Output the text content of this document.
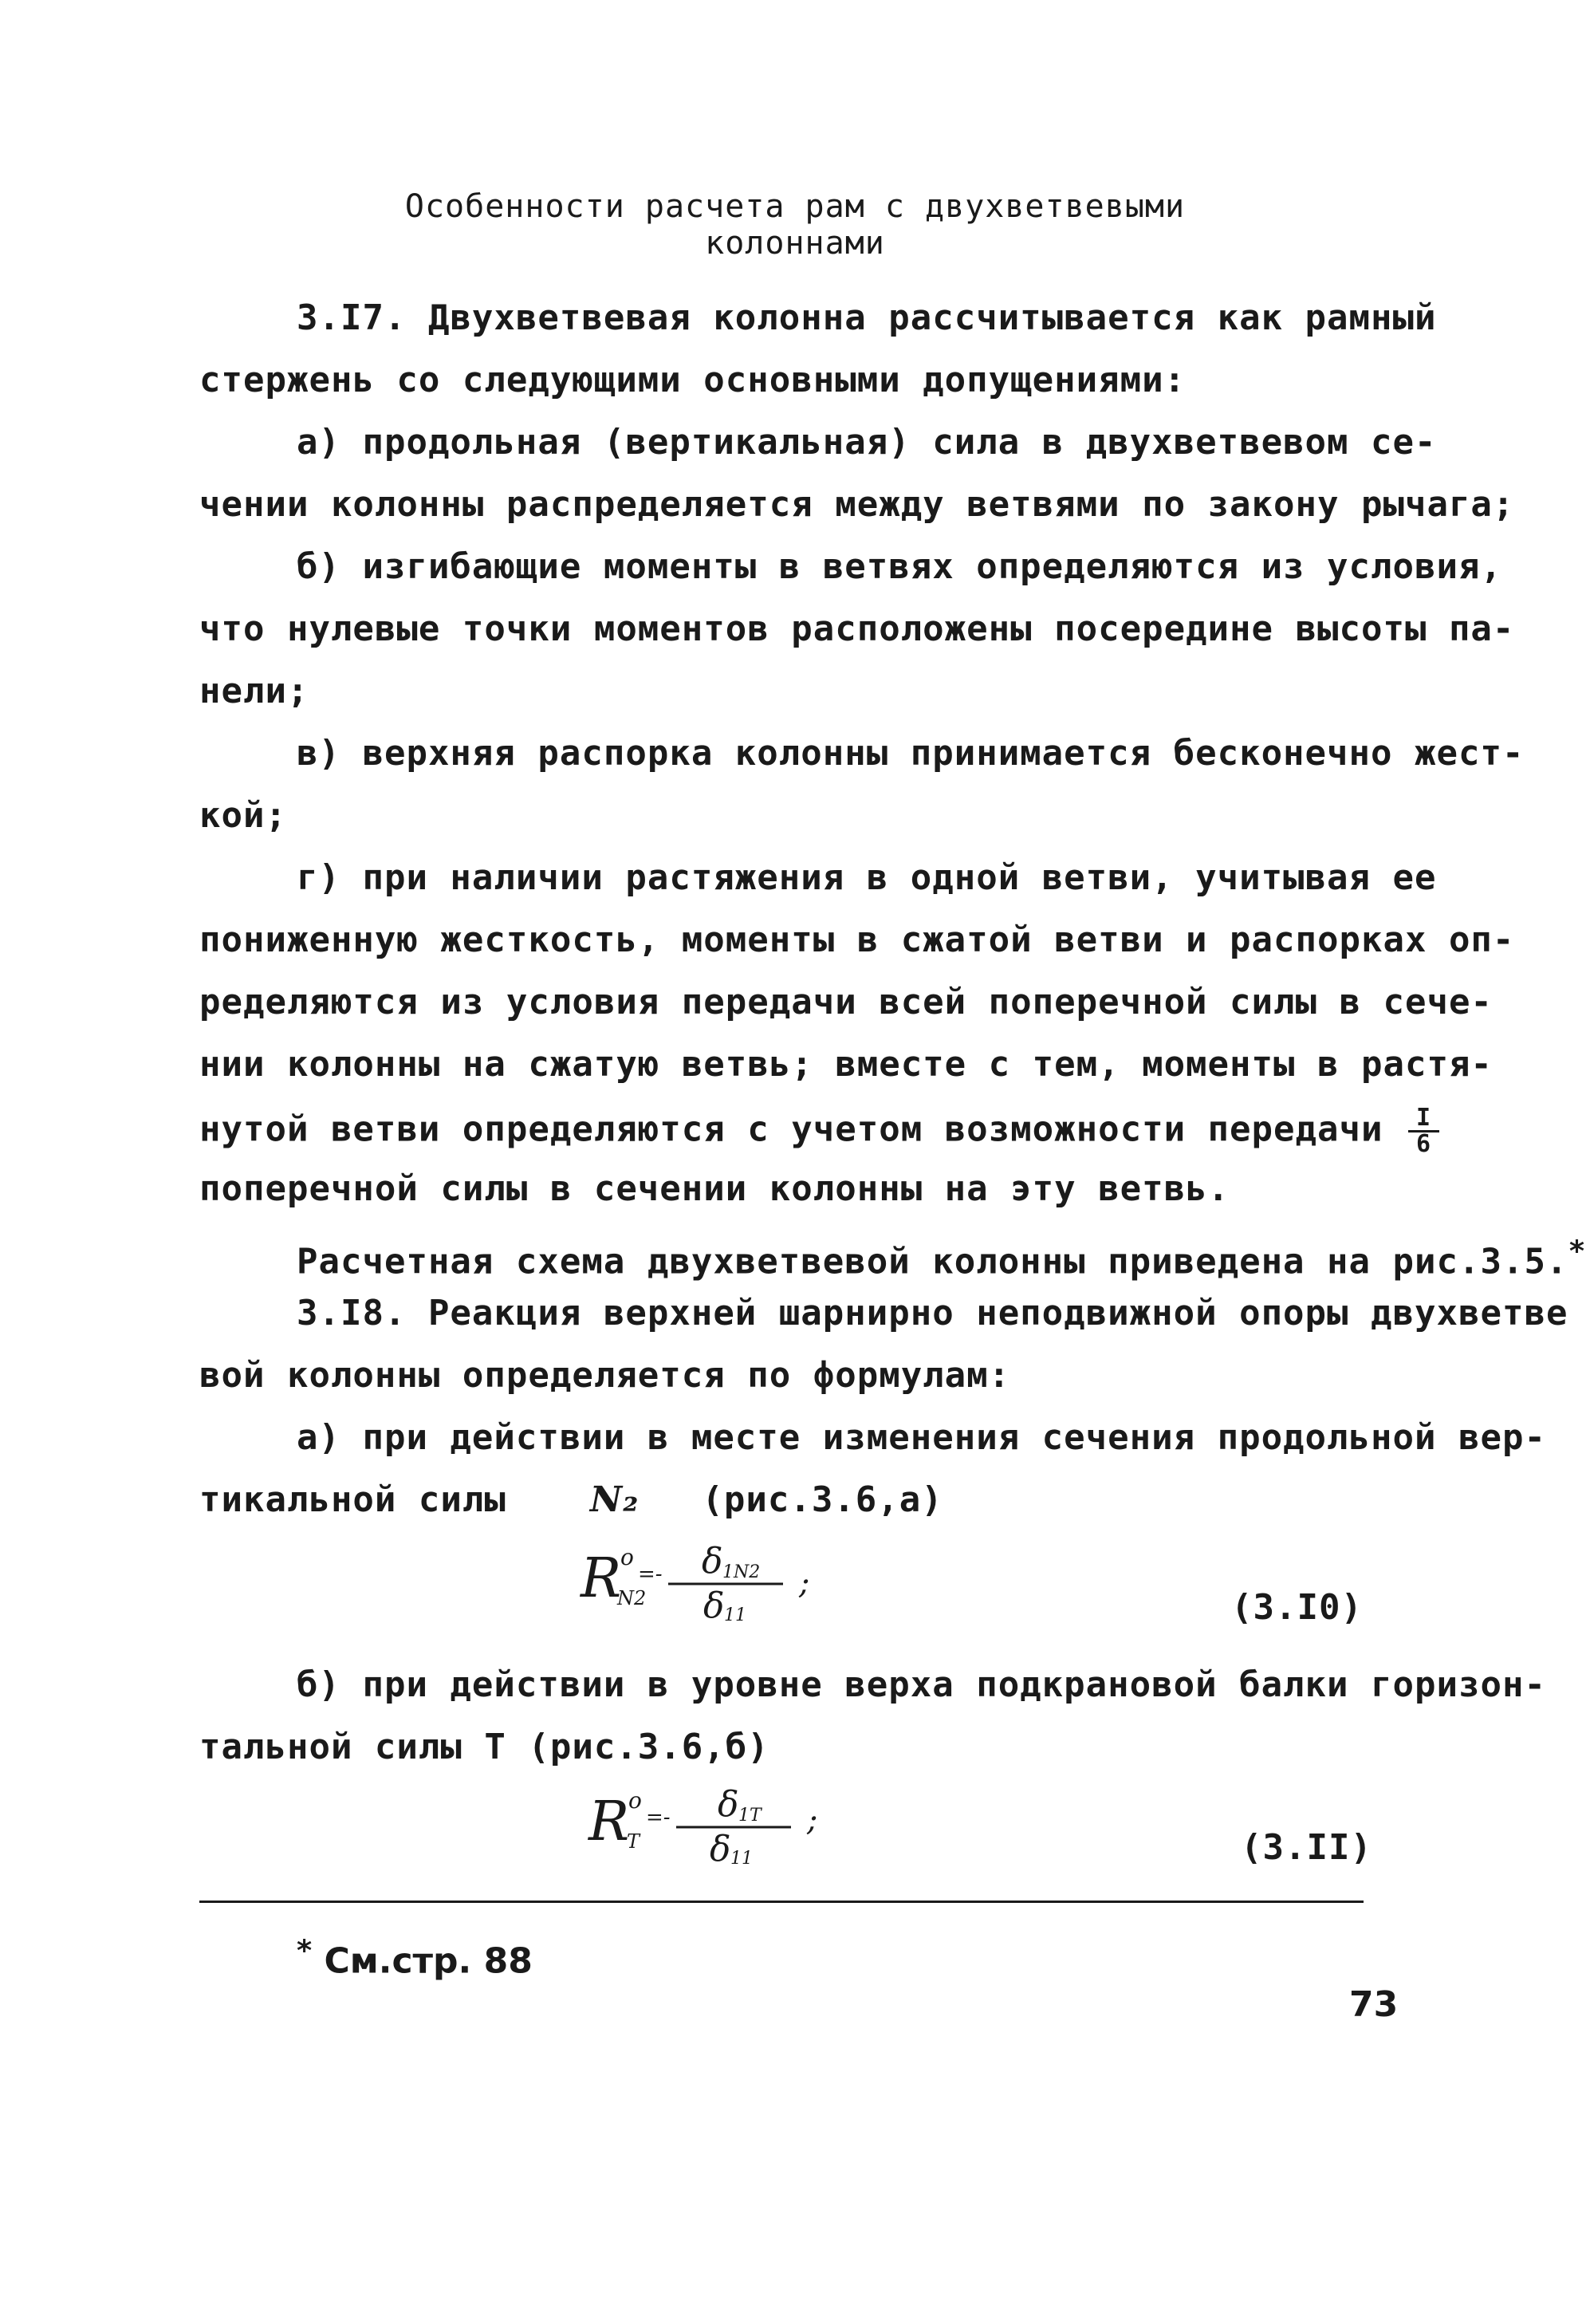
Особенности расчета рам с двухветвевыми
колоннами
3.I7. Двухветвевая колонна рассчитывается как рамный
стержень со следующими основными допущениями:
а) продольная (вертикальная) сила в двухветвевом се-
чении колонны распределяется между ветвями по закону рычага;
б) изгибающие моменты в ветвях определяются из условия,
что нулевые точки моментов расположены посередине высоты па-
нели;
в) верхняя распорка колонны принимается бесконечно жест-
кой;
г) при наличии растяжения в одной ветви, учитывая ее
пониженную жесткость, моменты в сжатой ветви и распорках оп-
ределяются из условия передачи всей поперечной силы в сече-
нии колонны на сжатую ветвь; вместе с тем, моменты в растя-
нутой ветви определяются с учетом возможности передачи $\frac{I}{6}$
поперечной силы в сечении колонны на эту ветвь.
Расчетная схема двухветвевой колонны приведена на рис.3.5.*
3.I8. Реакция верхней шарнирно неподвижной опоры двухветве
вой колонны определяется по формулам:
а) при действии в месте изменения сечения продольной вер-
тикальной силы N₂ (рис.3.6,а)
R
o
N2
=- δ 1N2
δ 11
;
(3.I0)
б) при действии в уровне верха подкрановой балки горизон-
тальной силы Т (рис.3.6,б)
R
o
T
=- δ 1T
δ 11
;
(3.II)
* См.стр. 88
73
